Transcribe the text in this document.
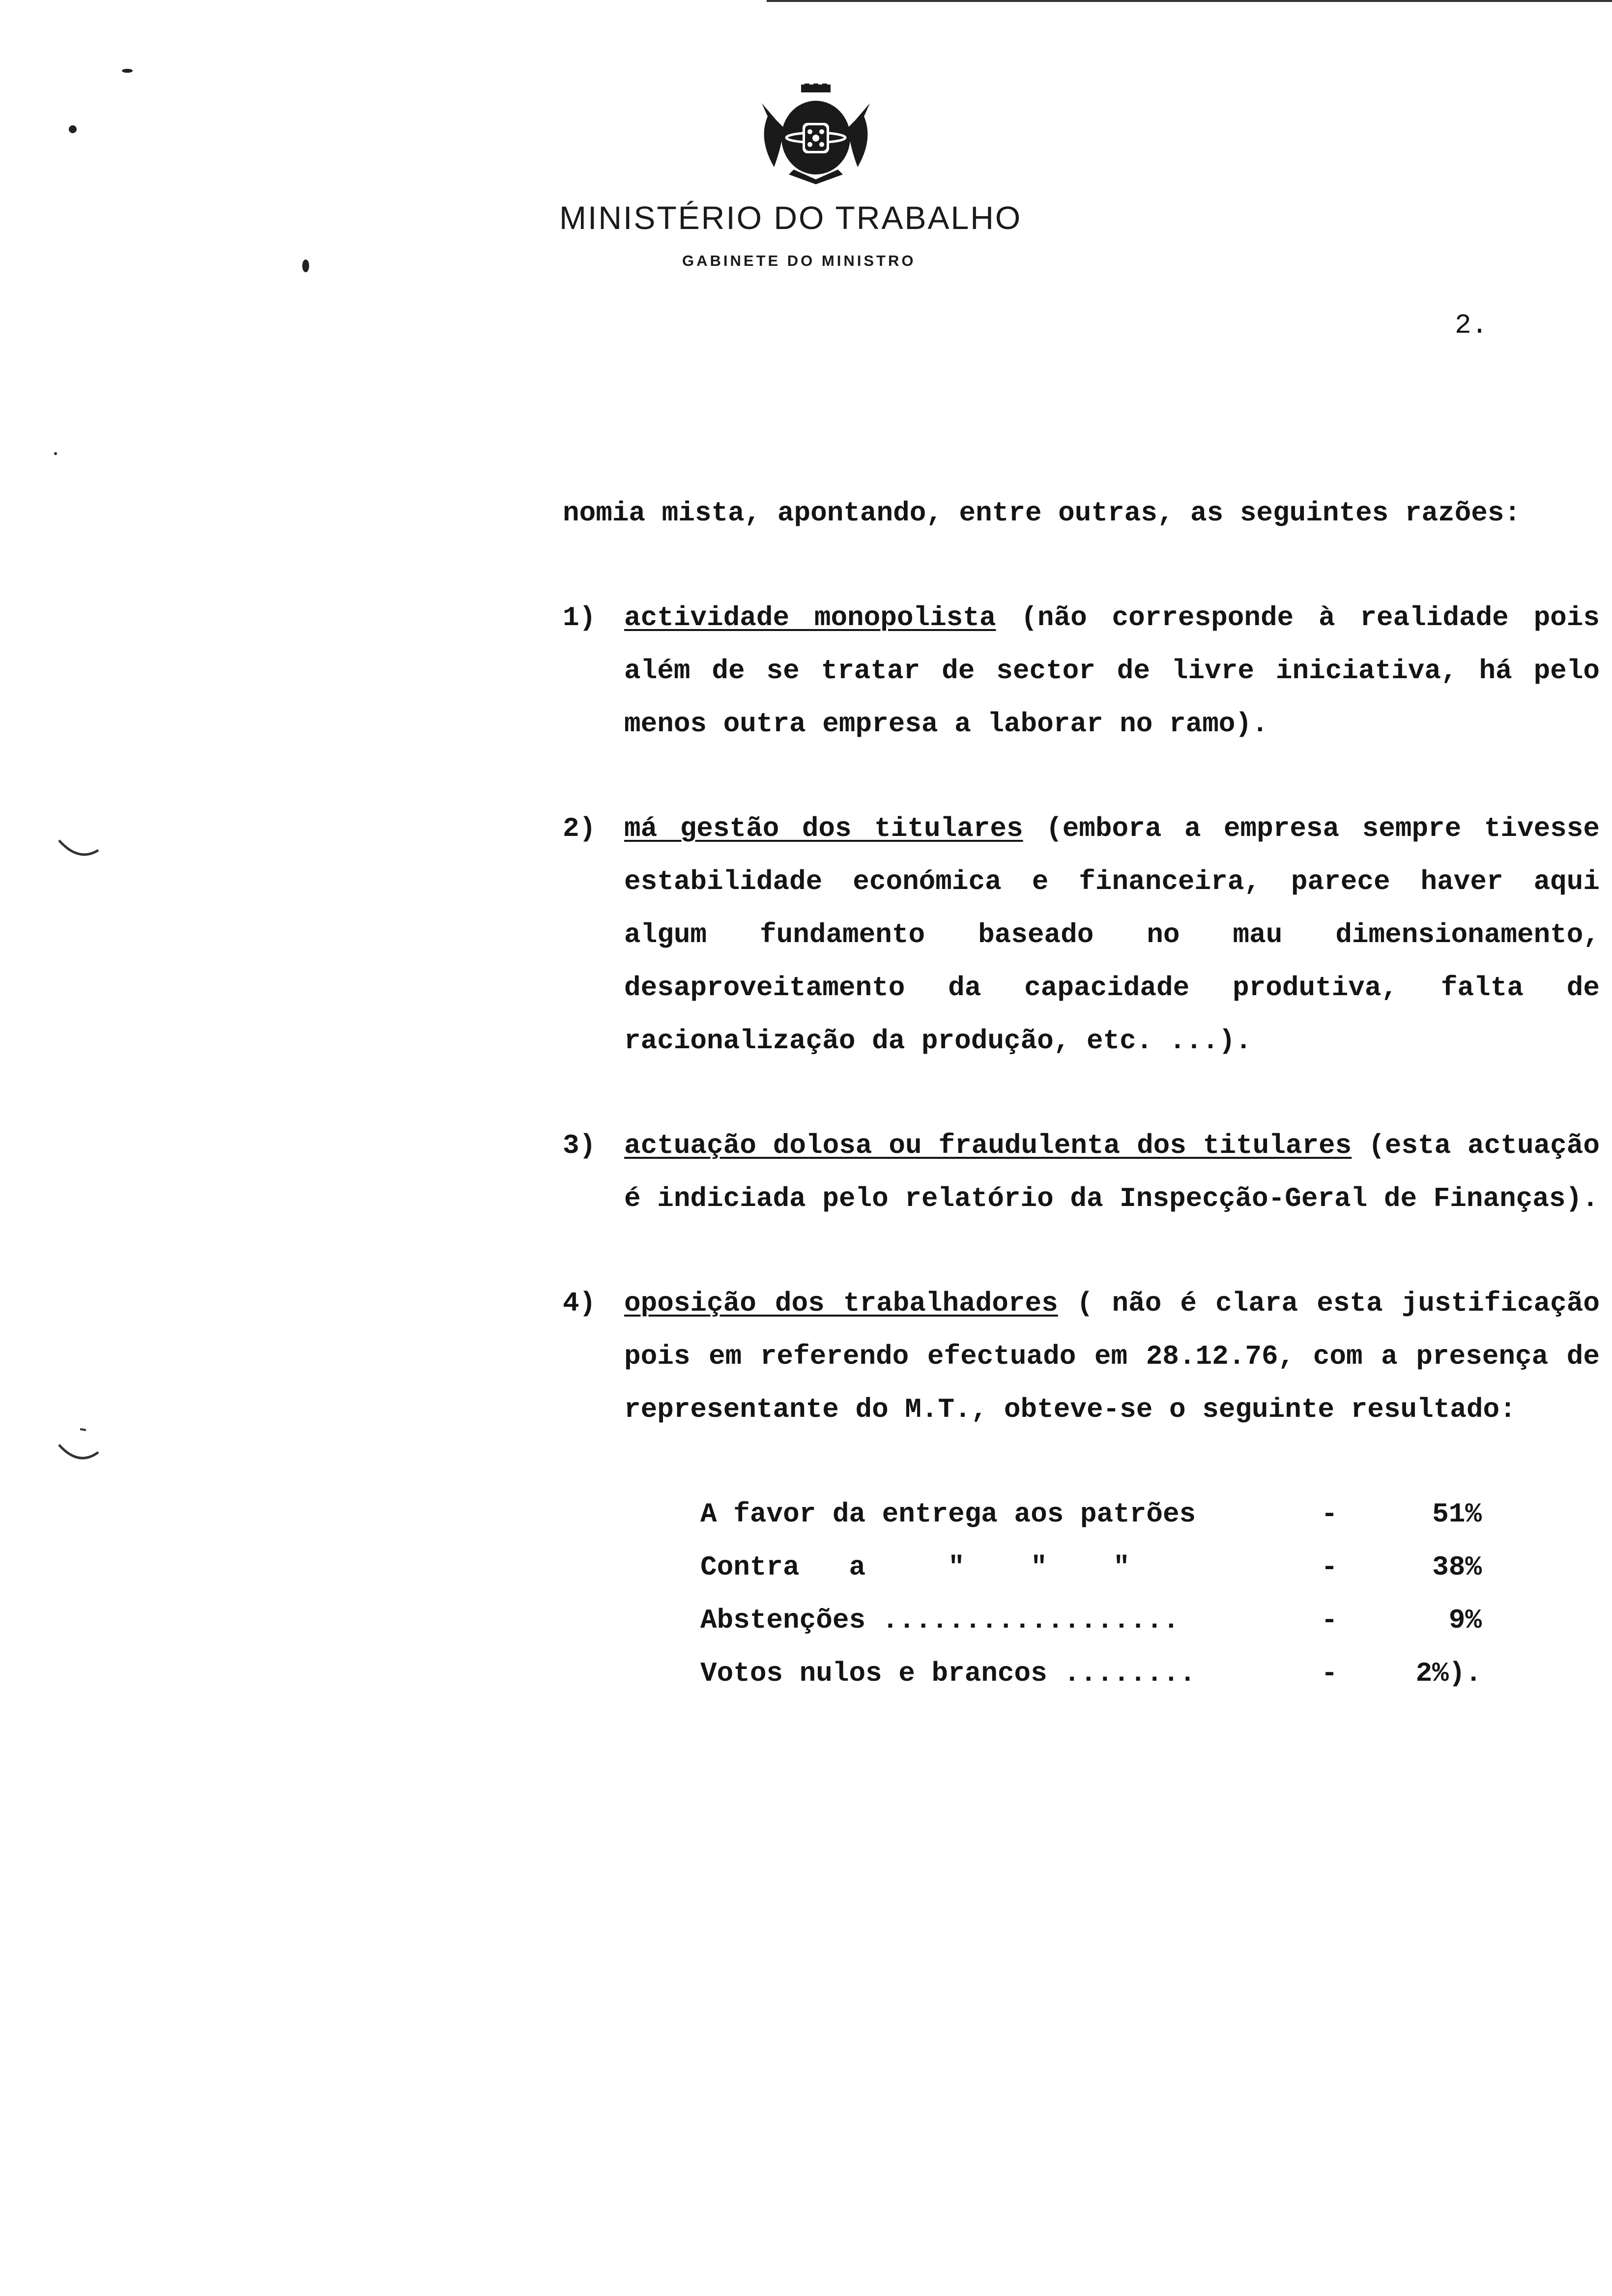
MINISTÉRIO DO TRABALHO
GABINETE DO MINISTRO
2.

nomia mista, apontando, entre outras, as seguintes razões:

1)	actividade monopolista (não corresponde à realidade pois além de se tratar de sector de livre iniciativa, há pelo menos outra empresa a laborar no ramo).

2)	má gestão dos titulares (embora a empresa sempre tivesse estabilidade económica e financeira, parece haver aqui algum fundamento baseado no mau dimensionamento, desaproveitamento da capacidade produtiva, falta de racionalização da produção, etc. ...).

3)	actuação dolosa ou fraudulenta dos titulares (esta actuação é indiciada pelo relatório da Inspecção-Geral de Finanças).

4)	oposição dos trabalhadores ( não é clara esta justificação pois em referendo efectuado em 28.12.76, com a presença de representante do M.T., obteve-se o seguinte resultado:

A favor da entrega aos patrões	-	51%
Contra   a     "    "    "	-	38%
Abstenções ..................	-	9%
Votos nulos e brancos ........	-	2%).
